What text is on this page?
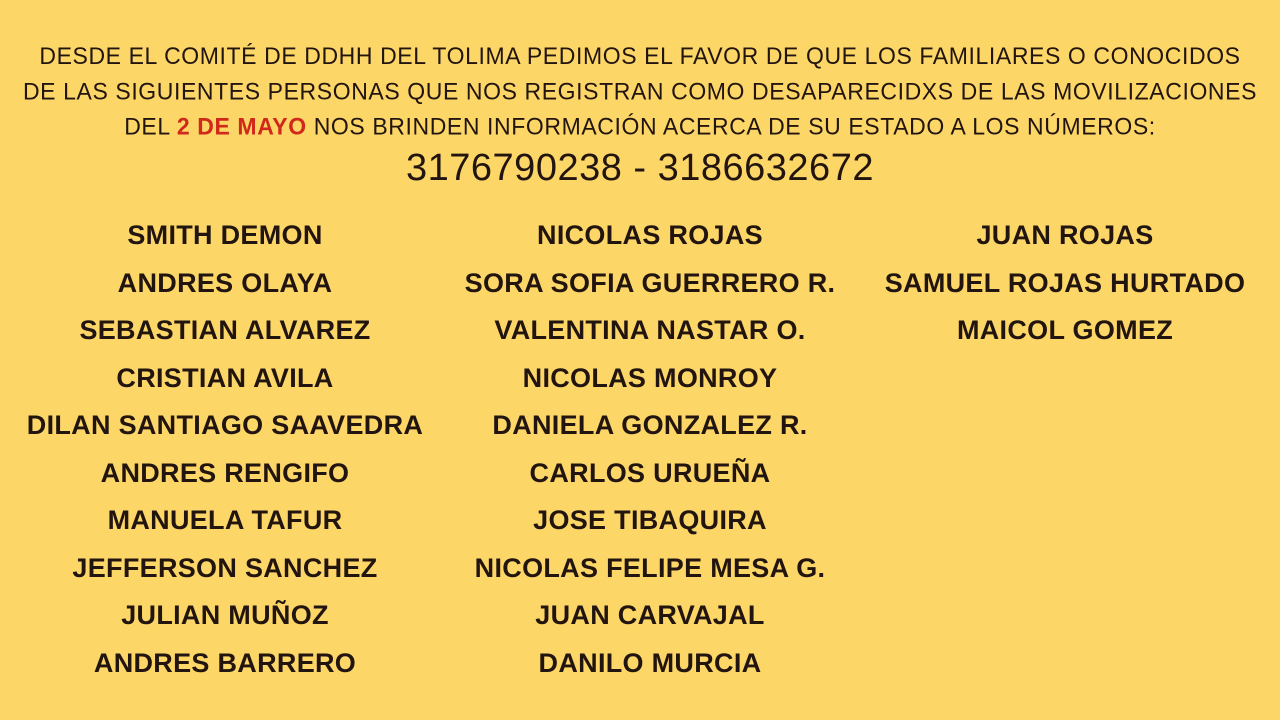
DESDE EL COMITÉ DE DDHH DEL TOLIMA PEDIMOS EL FAVOR DE QUE LOS FAMILIARES O CONOCIDOS
DE LAS SIGUIENTES PERSONAS QUE NOS REGISTRAN COMO DESAPARECIDXS DE LAS MOVILIZACIONES
DEL 2 DE MAYO NOS BRINDEN INFORMACIÓN ACERCA DE SU ESTADO A LOS NÚMEROS:
3176790238 - 3186632672
SMITH DEMON
ANDRES OLAYA
SEBASTIAN ALVAREZ
CRISTIAN AVILA
DILAN SANTIAGO SAAVEDRA
ANDRES RENGIFO
MANUELA TAFUR
JEFFERSON SANCHEZ
JULIAN MUÑOZ
ANDRES BARRERO
NICOLAS ROJAS
SORA SOFIA GUERRERO R.
VALENTINA NASTAR O.
NICOLAS MONROY
DANIELA GONZALEZ R.
CARLOS URUEÑA
JOSE TIBAQUIRA
NICOLAS FELIPE MESA G.
JUAN CARVAJAL
DANILO MURCIA
JUAN ROJAS
SAMUEL ROJAS HURTADO
MAICOL GOMEZ
